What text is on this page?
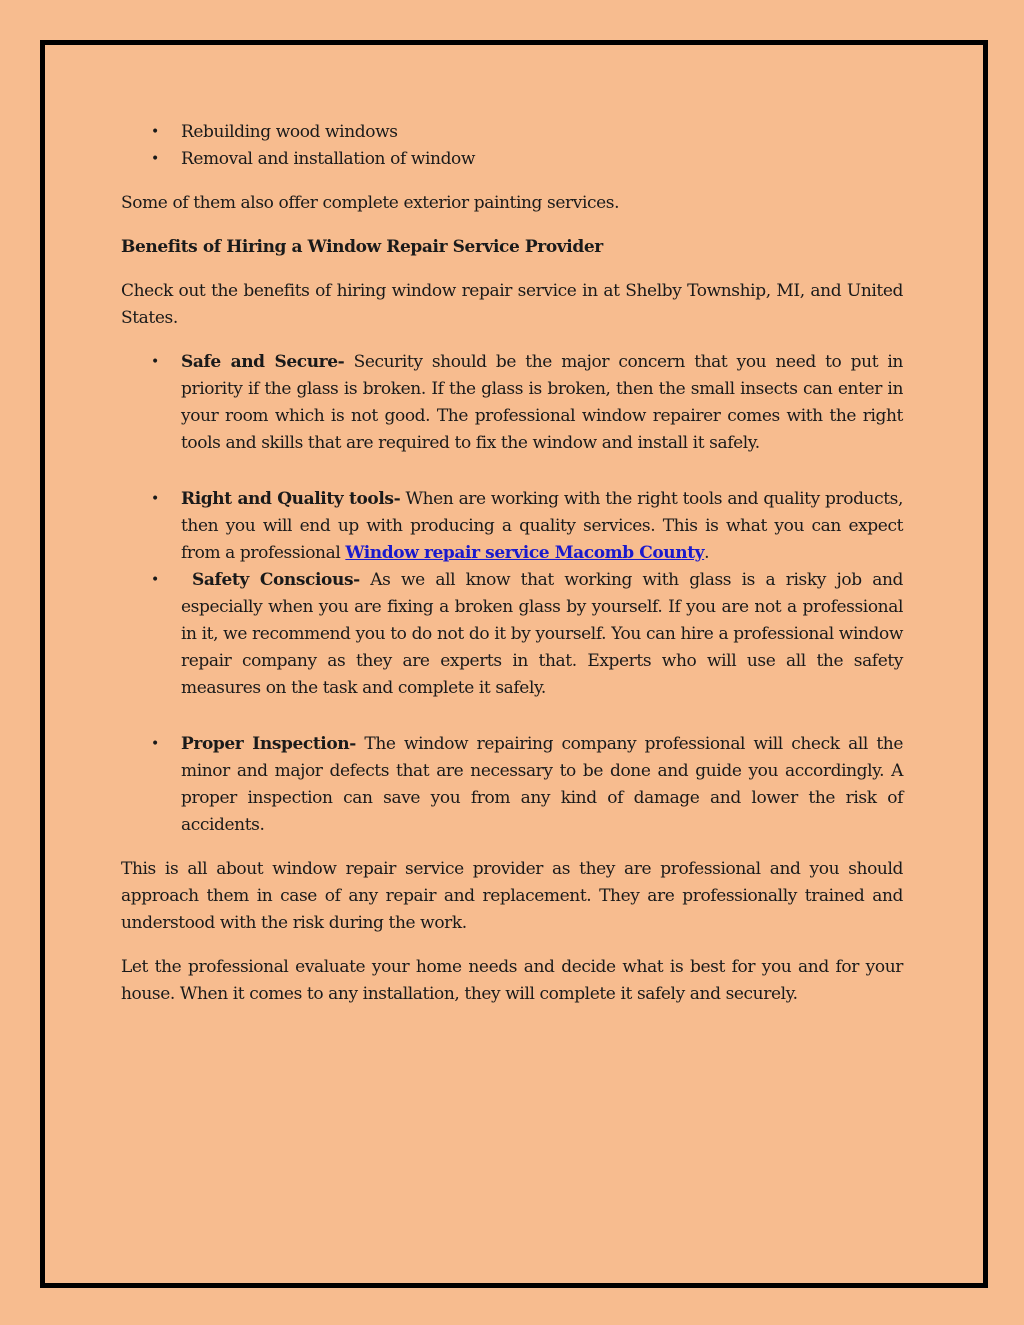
• Rebuilding wood windows
• Removal and installation of window

Some of them also offer complete exterior painting services.

Benefits of Hiring a Window Repair Service Provider

Check out the benefits of hiring window repair service in at Shelby Township, MI, and United States.

• Safe and Secure- Security should be the major concern that you need to put in priority if the glass is broken. If the glass is broken, then the small insects can enter in your room which is not good. The professional window repairer comes with the right tools and skills that are required to fix the window and install it safely.
• Right and Quality tools- When are working with the right tools and quality products, then you will end up with producing a quality services. This is what you can expect from a professional Window repair service Macomb County.
• Safety Conscious- As we all know that working with glass is a risky job and especially when you are fixing a broken glass by yourself. If you are not a professional in it, we recommend you to do not do it by yourself. You can hire a professional window repair company as they are experts in that. Experts who will use all the safety measures on the task and complete it safely.
• Proper Inspection- The window repairing company professional will check all the minor and major defects that are necessary to be done and guide you accordingly. A proper inspection can save you from any kind of damage and lower the risk of accidents.

This is all about window repair service provider as they are professional and you should approach them in case of any repair and replacement. They are professionally trained and understood with the risk during the work.

Let the professional evaluate your home needs and decide what is best for you and for your house. When it comes to any installation, they will complete it safely and securely.
